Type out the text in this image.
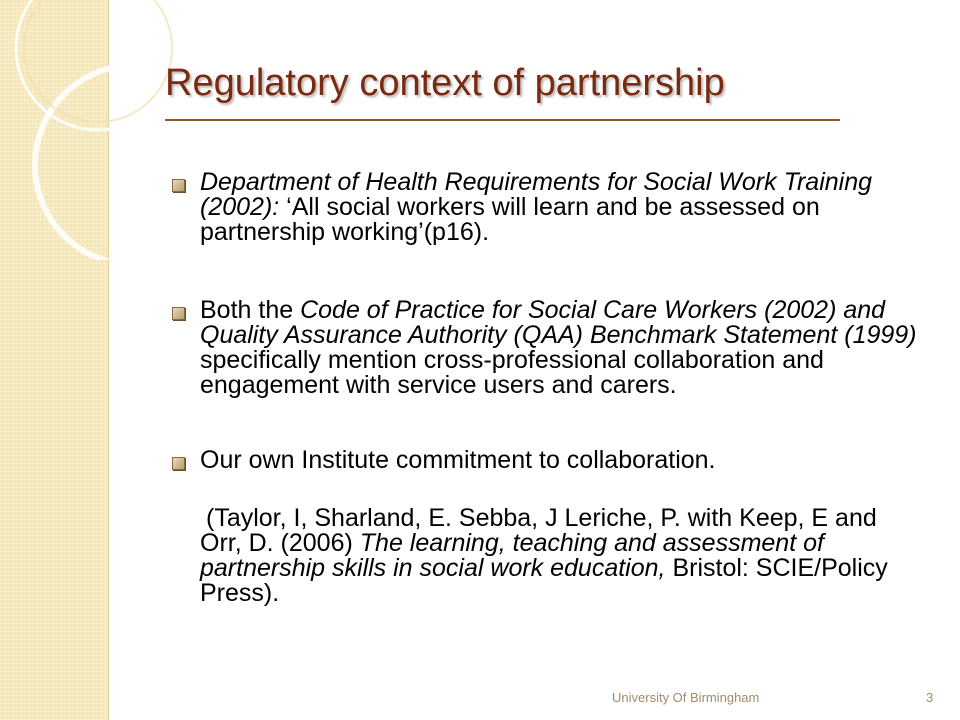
Regulatory context of partnership
Department of Health Requirements for Social Work Training (2002): ‘All social workers will learn and be assessed on partnership working’(p16).
Both the Code of Practice for Social Care Workers (2002) and Quality Assurance Authority (QAA) Benchmark Statement (1999) specifically mention cross-professional collaboration and engagement with service users and carers.
Our own Institute commitment to collaboration.

(Taylor, I, Sharland, E. Sebba, J Leriche, P. with Keep, E and Orr, D. (2006) The learning, teaching and assessment of partnership skills in social work education, Bristol: SCIE/Policy Press).

University Of Birmingham	3
